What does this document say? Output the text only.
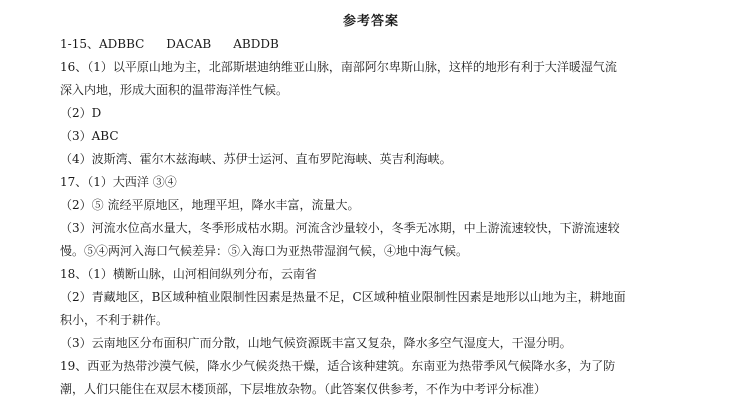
参考答案
1-15、ADBBC DACAB ABDDB
16、（1）以平原山地为主，北部斯堪迪纳维亚山脉，南部阿尔卑斯山脉，这样的地形有利于大洋暖湿气流
深入内地，形成大面积的温带海洋性气候。
（2）D
（3）ABC
（4）波斯湾、霍尔木兹海峡、苏伊士运河、直布罗陀海峡、英吉利海峡。
17、（1）大西洋 ③④
（2）⑤ 流经平原地区，地理平坦，降水丰富，流量大。
（3）河流水位高水量大，冬季形成枯水期。河流含沙量较小，冬季无冰期，中上游流速较快，下游流速较
慢。⑤④两河入海口气候差异：⑤入海口为亚热带湿润气候，④地中海气候。
18、（1）横断山脉，山河相间纵列分布，云南省
（2）青藏地区，B区域种植业限制性因素是热量不足，C区域种植业限制性因素是地形以山地为主，耕地面
积小，不利于耕作。
（3）云南地区分布面积广而分散，山地气候资源既丰富又复杂，降水多空气湿度大，干湿分明。
19、西亚为热带沙漠气候，降水少气候炎热干燥，适合该种建筑。东南亚为热带季风气候降水多，为了防
潮，人们只能住在双层木楼顶部，下层堆放杂物。（此答案仅供参考，不作为中考评分标准）
